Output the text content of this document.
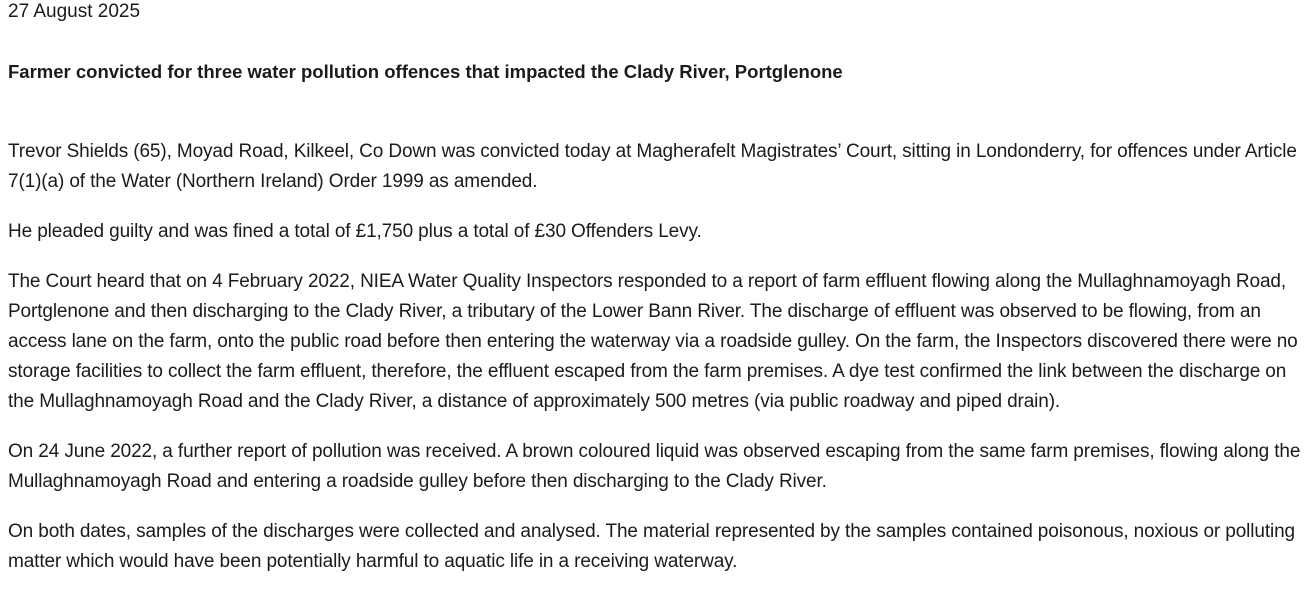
27 August 2025
Farmer convicted for three water pollution offences that impacted the Clady River, Portglenone

Trevor Shields (65), Moyad Road, Kilkeel, Co Down was convicted today at Magherafelt Magistrates’ Court, sitting in Londonderry, for offences under Article 7(1)(a) of the Water (Northern Ireland) Order 1999 as amended.

He pleaded guilty and was fined a total of £1,750 plus a total of £30 Offenders Levy.

The Court heard that on 4 February 2022, NIEA Water Quality Inspectors responded to a report of farm effluent flowing along the Mullaghnamoyagh Road, Portglenone and then discharging to the Clady River, a tributary of the Lower Bann River. The discharge of effluent was observed to be flowing, from an access lane on the farm, onto the public road before then entering the waterway via a roadside gulley. On the farm, the Inspectors discovered there were no storage facilities to collect the farm effluent, therefore, the effluent escaped from the farm premises. A dye test confirmed the link between the discharge on the Mullaghnamoyagh Road and the Clady River, a distance of approximately 500 metres (via public roadway and piped drain).

On 24 June 2022, a further report of pollution was received. A brown coloured liquid was observed escaping from the same farm premises, flowing along the Mullaghnamoyagh Road and entering a roadside gulley before then discharging to the Clady River.

On both dates, samples of the discharges were collected and analysed. The material represented by the samples contained poisonous, noxious or polluting matter which would have been potentially harmful to aquatic life in a receiving waterway.
